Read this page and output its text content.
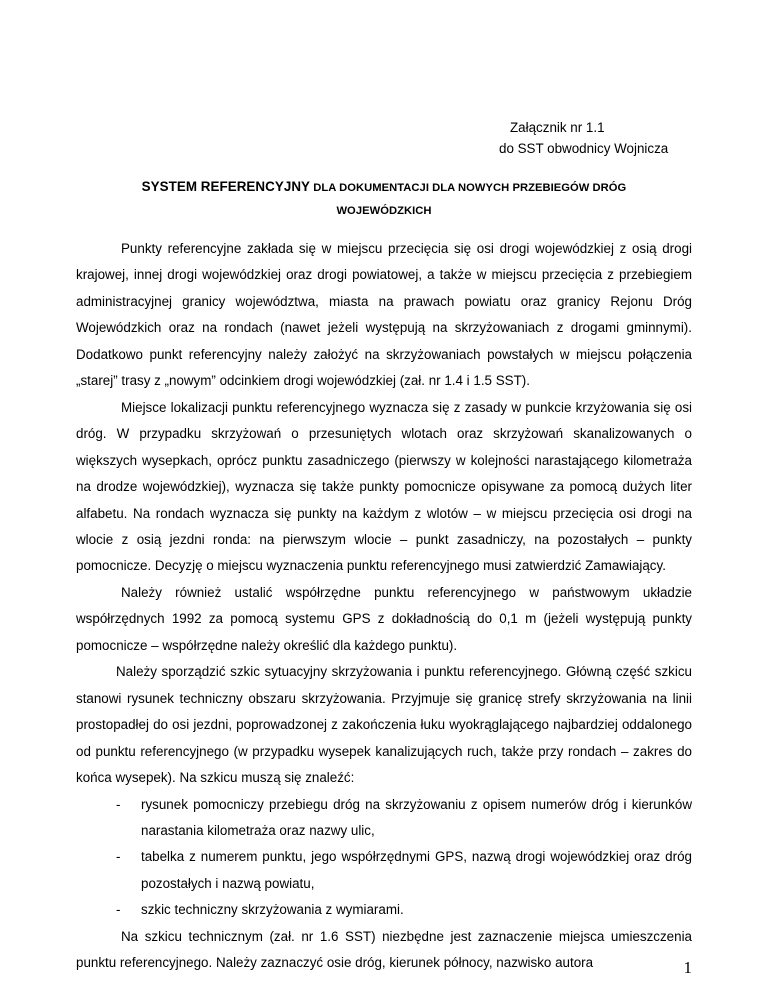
Załącznik nr 1.1
do SST obwodnicy Wojnicza
SYSTEM REFERENCYJNY DLA DOKUMENTACJI DLA NOWYCH PRZEBIEGÓW DRÓG
WOJEWÓDZKICH

Punkty referencyjne zakłada się w miejscu przecięcia się osi drogi wojewódzkiej z osią drogi krajowej, innej drogi wojewódzkiej oraz drogi powiatowej, a także w miejscu przecięcia z przebiegiem administracyjnej granicy województwa, miasta na prawach powiatu oraz granicy Rejonu Dróg Wojewódzkich oraz na rondach (nawet jeżeli występują na skrzyżowaniach z drogami gminnymi). Dodatkowo punkt referencyjny należy założyć na skrzyżowaniach powstałych w miejscu połączenia „starej” trasy z „nowym” odcinkiem drogi wojewódzkiej (zał. nr 1.4 i 1.5 SST).

Miejsce lokalizacji punktu referencyjnego wyznacza się z zasady w punkcie krzyżowania się osi dróg. W przypadku skrzyżowań o przesuniętych wlotach oraz skrzyżowań skanalizowanych o większych wysepkach, oprócz punktu zasadniczego (pierwszy w kolejności narastającego kilometraża na drodze wojewódzkiej), wyznacza się także punkty pomocnicze opisywane za pomocą dużych liter alfabetu. Na rondach wyznacza się punkty na każdym z wlotów – w miejscu przecięcia osi drogi na wlocie z osią jezdni ronda: na pierwszym wlocie – punkt zasadniczy, na pozostałych – punkty pomocnicze. Decyzję o miejscu wyznaczenia punktu referencyjnego musi zatwierdzić Zamawiający.

Należy również ustalić współrzędne punktu referencyjnego w państwowym układzie współrzędnych 1992 za pomocą systemu GPS z dokładnością do 0,1 m (jeżeli występują punkty pomocnicze – współrzędne należy określić dla każdego punktu).

Należy sporządzić szkic sytuacyjny skrzyżowania i punktu referencyjnego. Główną część szkicu stanowi rysunek techniczny obszaru skrzyżowania. Przyjmuje się granicę strefy skrzyżowania na linii prostopadłej do osi jezdni, poprowadzonej z zakończenia łuku wyokrąglającego najbardziej oddalonego od punktu referencyjnego (w przypadku wysepek kanalizujących ruch, także przy rondach – zakres do końca wysepek). Na szkicu muszą się znaleźć:

- rysunek pomocniczy przebiegu dróg na skrzyżowaniu z opisem numerów dróg i kierunków narastania kilometraża oraz nazwy ulic,
- tabelka z numerem punktu, jego współrzędnymi GPS, nazwą drogi wojewódzkiej oraz dróg pozostałych i nazwą powiatu,
- szkic techniczny skrzyżowania z wymiarami.

Na szkicu technicznym (zał. nr 1.6 SST) niezbędne jest zaznaczenie miejsca umieszczenia punktu referencyjnego. Należy zaznaczyć osie dróg, kierunek północy, nazwisko autora	1
